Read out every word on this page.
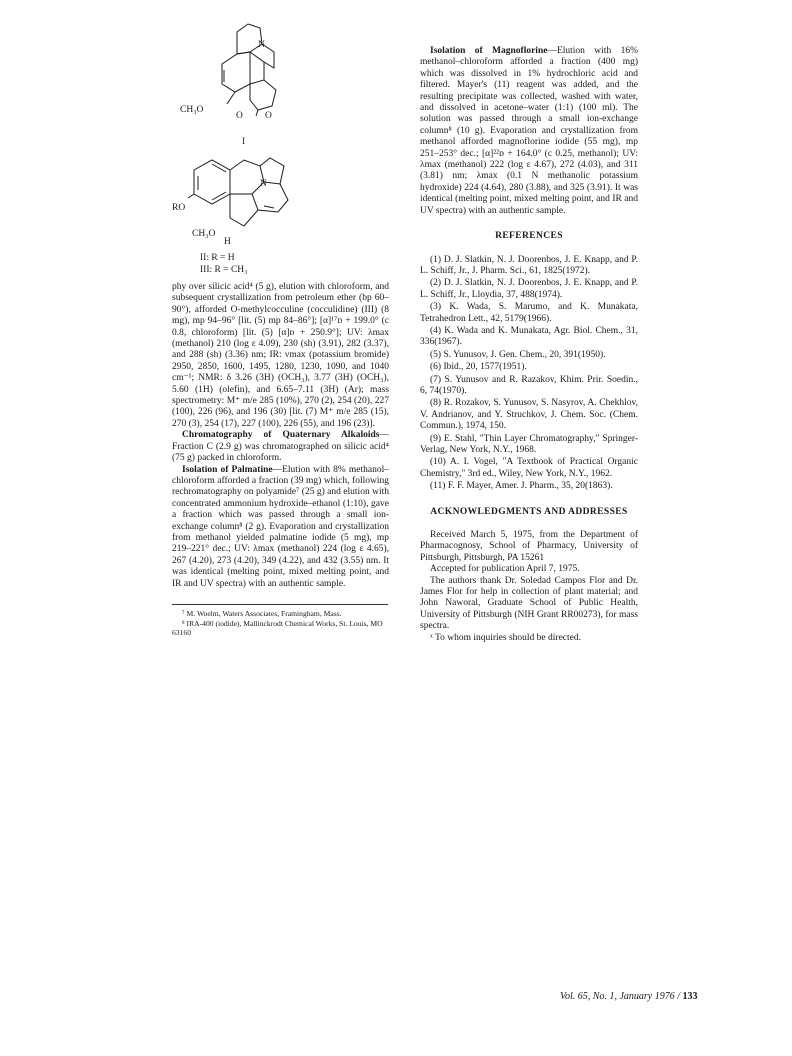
N
CH₃O
O O
I
RO
N
CH₃O
H
II: R = H
III: R = CH₃

phy over silicic acid⁴ (5 g), elution with chloroform, and subsequent crystallization from petroleum ether (bp 60–90°), afforded O-methylcocculine (cocculidine) (III) (8 mg), mp 94–96° [lit. (5) mp 84–86°]; [α]¹⁷ᴅ + 199.0° (c 0.8, chloroform) [lit. (5) [α]ᴅ + 250.9°]; UV: λmax (methanol) 210 (log ε 4.09), 230 (sh) (3.91), 282 (3.37), and 288 (sh) (3.36) nm; IR: νmax (potassium bromide) 2950, 2850, 1600, 1495, 1280, 1230, 1090, and 1040 cm⁻¹; NMR: δ 3.26 (3H) (OCH₃), 3.77 (3H) (OCH₃), 5.60 (1H) (olefin), and 6.65–7.11 (3H) (Ar); mass spectrometry: M⁺ m/e 285 (10%), 270 (2), 254 (20), 227 (100), 226 (96), and 196 (30) [lit. (7) M⁺ m/e 285 (15), 270 (3), 254 (17), 227 (100), 226 (55), and 196 (23)].

Chromatography of Quaternary Alkaloids—Fraction C (2.9 g) was chromatographed on silicic acid⁴ (75 g) packed in chloroform.

Isolation of Palmatine—Elution with 8% methanol–chloroform afforded a fraction (39 mg) which, following rechromatography on polyamide⁷ (25 g) and elution with concentrated ammonium hydroxide–ethanol (1:10), gave a fraction which was passed through a small ion-exchange column⁸ (2 g). Evaporation and crystallization from methanol yielded palmatine iodide (5 mg), mp 219–221° dec.; UV: λmax (methanol) 224 (log ε 4.65), 267 (4.20), 273 (4.20), 349 (4.22), and 432 (3.55) nm. It was identical (melting point, mixed melting point, and IR and UV spectra) with an authentic sample.

⁷ M. Woelm, Waters Associates, Framingham, Mass.

⁸ IRA-400 (iodide), Mallinckrodt Chemical Works, St. Louis, MO 63160

Isolation of Magnoflorine—Elution with 16% methanol–chloroform afforded a fraction (400 mg) which was dissolved in 1% hydrochloric acid and filtered. Mayer's (11) reagent was added, and the resulting precipitate was collected, washed with water, and dissolved in acetone–water (1:1) (100 ml). The solution was passed through a small ion-exchange column⁸ (10 g). Evaporation and crystallization from methanol afforded magnoflorine iodide (55 mg), mp 251–253° dec.; [α]²²ᴅ + 164.0° (c 0.25, methanol); UV: λmax (methanol) 222 (log ε 4.67), 272 (4.03), and 311 (3.81) nm; λmax (0.1 N methanolic potassium hydroxide) 224 (4.64), 280 (3.88), and 325 (3.91). It was identical (melting point, mixed melting point, and IR and UV spectra) with an authentic sample.

REFERENCES

(1) D. J. Slatkin, N. J. Doorenbos, J. E. Knapp, and P. L. Schiff, Jr., J. Pharm. Sci., 61, 1825(1972).

(2) D. J. Slatkin, N. J. Doorenbos, J. E. Knapp, and P. L. Schiff, Jr., Lloydia, 37, 488(1974).

(3) K. Wada, S. Marumo, and K. Munakata, Tetrahedron Lett., 42, 5179(1966).

(4) K. Wada and K. Munakata, Agr. Biol. Chem., 31, 336(1967).

(5) S. Yunusov, J. Gen. Chem., 20, 391(1950).

(6) Ibid., 20, 1577(1951).

(7) S. Yunusov and R. Razakov, Khim. Prir. Soedin., 6, 74(1970).

(8) R. Rozakov, S. Yunusov, S. Nasyrov, A. Chekhlov, V. Andrianov, and Y. Struchkov, J. Chem. Soc. (Chem. Commun.), 1974, 150.

(9) E. Stahl, "Thin Layer Chromatography," Springer-Verlag, New York, N.Y., 1968.

(10) A. I. Vogel, "A Textbook of Practical Organic Chemistry," 3rd ed., Wiley, New York, N.Y., 1962.

(11) F. F. Mayer, Amer. J. Pharm., 35, 20(1863).

ACKNOWLEDGMENTS AND ADDRESSES

Received March 5, 1975, from the Department of Pharmacognosy, School of Pharmacy, University of Pittsburgh, Pittsburgh, PA 15261

Accepted for publication April 7, 1975.

The authors thank Dr. Soledad Campos Flor and Dr. James Flor for help in collection of plant material; and John Naworal, Graduate School of Public Health, University of Pittsburgh (NIH Grant RR00273), for mass spectra.

ˣ To whom inquiries should be directed.

Vol. 65, No. 1, January 1976 / 133
